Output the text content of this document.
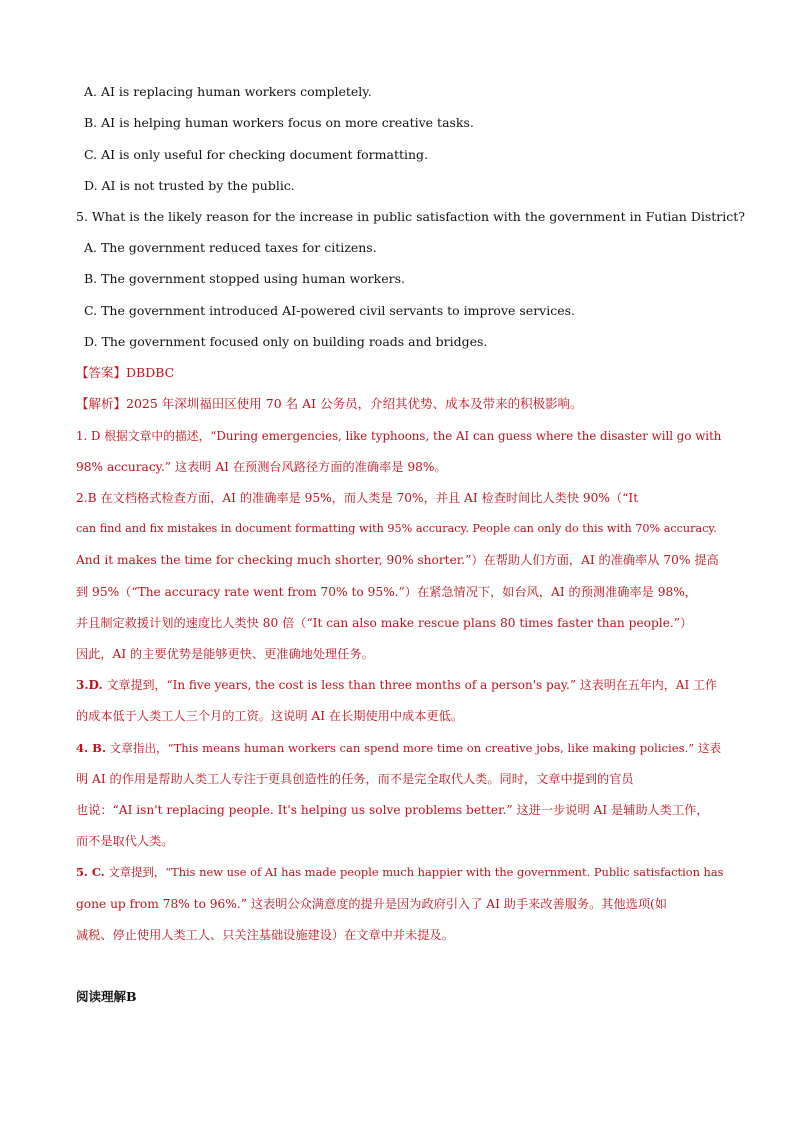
A. AI is replacing human workers completely.
B. AI is helping human workers focus on more creative tasks.
C. AI is only useful for checking document formatting.
D. AI is not trusted by the public.
5. What is the likely reason for the increase in public satisfaction with the government in Futian District?
A. The government reduced taxes for citizens.
B. The government stopped using human workers.
C. The government introduced AI-powered civil servants to improve services.
D. The government focused only on building roads and bridges.
【答案】DBDBC
【解析】2025 年深圳福田区使用 70 名 AI 公务员，介绍其优势、成本及带来的积极影响。
1. D 根据文章中的描述，“During emergencies, like typhoons, the AI can guess where the disaster will go with
98% accuracy.” 这表明 AI 在预测台风路径方面的准确率是 98%。
2.B 在文档格式检查方面，AI 的准确率是 95%，而人类是 70%，并且 AI 检查时间比人类快 90%（“It
can find and fix mistakes in document formatting with 95% accuracy. People can only do this with 70% accuracy.
And it makes the time for checking much shorter, 90% shorter.”）在帮助人们方面，AI 的准确率从 70% 提高
到 95%（“The accuracy rate went from 70% to 95%.”）在紧急情况下，如台风，AI 的预测准确率是 98%，
并且制定救援计划的速度比人类快 80 倍（“It can also make rescue plans 80 times faster than people.”）
因此，AI 的主要优势是能够更快、更准确地处理任务。
3.D. 文章提到，“In five years, the cost is less than three months of a person's pay.” 这表明在五年内，AI 工作
的成本低于人类工人三个月的工资。这说明 AI 在长期使用中成本更低。
4. B. 文章指出，“This means human workers can spend more time on creative jobs, like making policies.” 这表
明 AI 的作用是帮助人类工人专注于更具创造性的任务，而不是完全取代人类。同时，文章中提到的官员
也说：“AI isn't replacing people. It's helping us solve problems better.” 这进一步说明 AI 是辅助人类工作，
而不是取代人类。
5. C. 文章提到，“This new use of AI has made people much happier with the government. Public satisfaction has
gone up from 78% to 96%.” 这表明公众满意度的提升是因为政府引入了 AI 助手来改善服务。其他选项(如
减税、停止使用人类工人、只关注基础设施建设）在文章中并未提及。
阅读理解B
